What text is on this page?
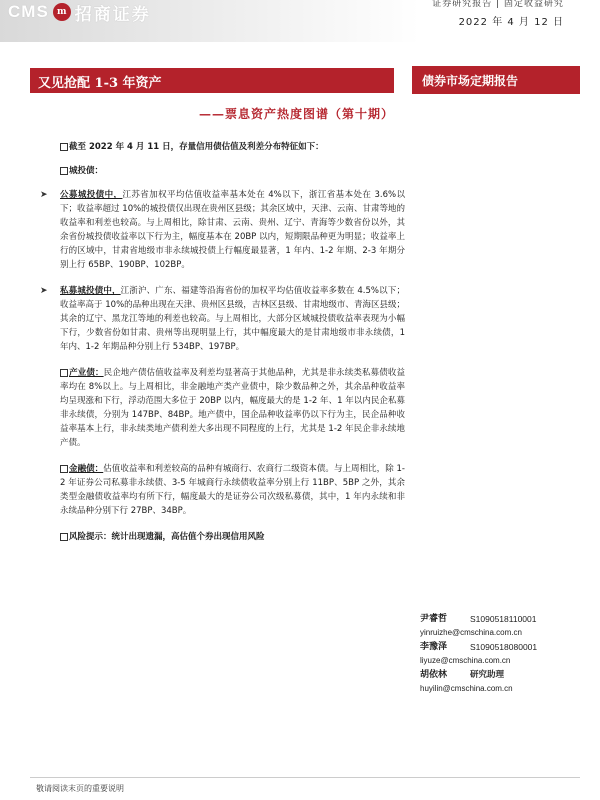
CMS m 招商证券
证券研究报告 | 固定收益研究
2022 年 4 月 12 日
又见抢配 1-3 年资产
——票息资产热度图谱（第十期）
债券市场定期报告

截至 2022 年 4 月 11 日，存量信用债估值及利差分布特征如下：

城投债：

➤	公募城投债中，江苏省加权平均估值收益率基本处在 4%以下，浙江省基本处在 3.6%以下；收益率超过 10%的城投债仅出现在贵州区县级；其余区域中，天津、云南、甘肃等地的收益率和利差也较高。与上周相比，除甘肃、云南、贵州、辽宁、青海等少数省份以外，其余省份城投债收益率以下行为主，幅度基本在 20BP 以内，短期限品种更为明显；收益率上行的区域中，甘肃省地级市非永续城投债上行幅度最显著，1 年内、1-2 年期、2-3 年期分别上行 65BP、190BP、102BP。
➤	私募城投债中，江浙沪、广东、福建等沿海省份的加权平均估值收益率多数在 4.5%以下；收益率高于 10%的品种出现在天津、贵州区县级，吉林区县级、甘肃地级市、青海区县级；其余的辽宁、黑龙江等地的利差也较高。与上周相比，大部分区域城投债收益率表现为小幅下行，少数省份如甘肃、贵州等出现明显上行，其中幅度最大的是甘肃地级市非永续债，1 年内、1-2 年期品种分别上行 534BP、197BP。

产业债：民企地产债估值收益率及利差均显著高于其他品种，尤其是非永续类私募债收益率均在 8%以上。与上周相比，非金融地产类产业债中，除少数品种之外，其余品种收益率均呈现涨和下行，浮动范围大多位于 20BP 以内，幅度最大的是 1-2 年、1 年以内民企私募非永续债，分别为 147BP、84BP。地产债中，国企品种收益率仍以下行为主，民企品种收益率基本上行，非永续类地产债利差大多出现不同程度的上行，尤其是 1-2 年民企非永续地产债。

金融债：估值收益率和利差较高的品种有城商行、农商行二级资本债。与上周相比，除 1-2 年证券公司私募非永续债、3-5 年城商行永续债收益率分别上行 11BP、5BP 之外，其余类型金融债收益率均有所下行，幅度最大的是证券公司次级私募债，其中，1 年内永续和非永续品种分别下行 27BP、34BP。

风险提示：统计出现遗漏，高估值个券出现信用风险

尹睿哲	S1090518110001
yinruizhe@cmschina.com.cn
李豫泽	S1090518080001
liyuze@cmschina.com.cn
胡依林	研究助理
huyilin@cmschina.com.cn
敬请阅读末页的重要说明
